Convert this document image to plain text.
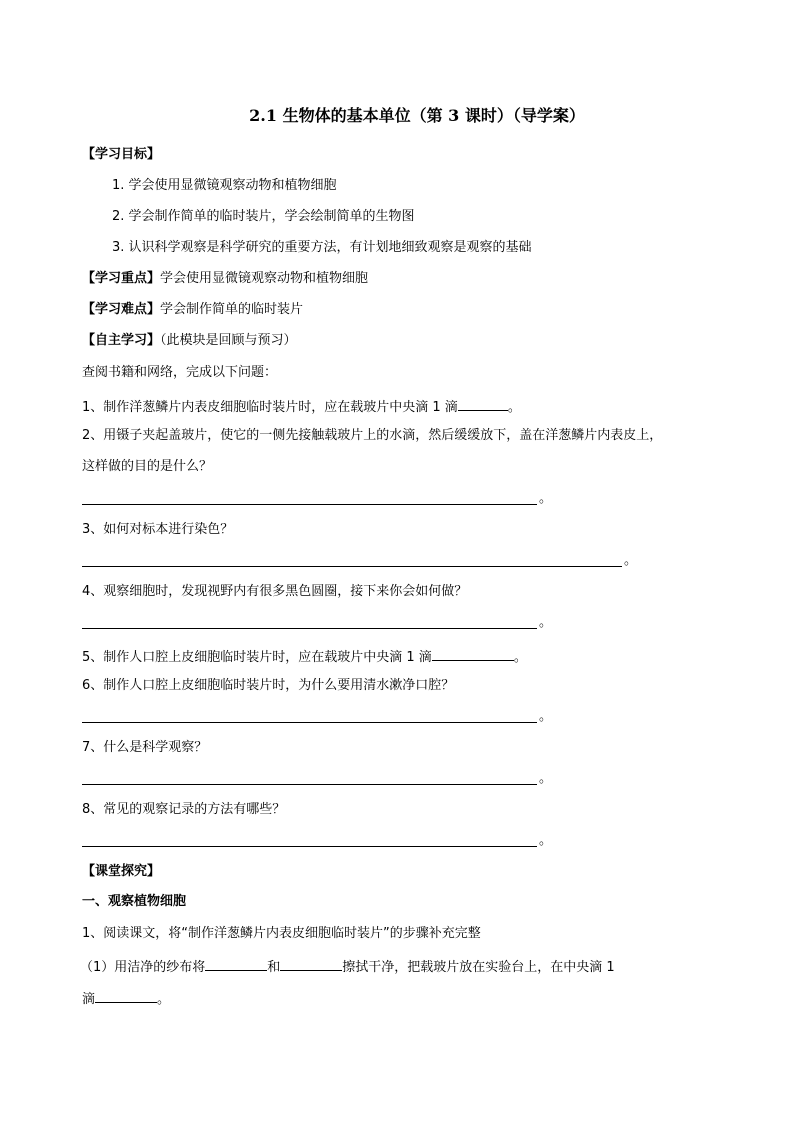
2.1 生物体的基本单位（第 3 课时）（导学案）
【学习目标】
1. 学会使用显微镜观察动物和植物细胞
2. 学会制作简单的临时装片，学会绘制简单的生物图
3. 认识科学观察是科学研究的重要方法，有计划地细致观察是观察的基础
【学习重点】学会使用显微镜观察动物和植物细胞
【学习难点】学会制作简单的临时装片
【自主学习】（此模块是回顾与预习）
查阅书籍和网络，完成以下问题：
1、制作洋葱鳞片内表皮细胞临时装片时，应在载玻片中央滴 1 滴	。
2、用镊子夹起盖玻片，使它的一侧先接触载玻片上的水滴，然后缓缓放下，盖在洋葱鳞片内表皮上，
这样做的目的是什么？
。
3、如何对标本进行染色？
。
4、观察细胞时，发现视野内有很多黑色圆圈，接下来你会如何做？
。
5、制作人口腔上皮细胞临时装片时，应在载玻片中央滴 1 滴	。
6、制作人口腔上皮细胞临时装片时，为什么要用清水漱净口腔？
。
7、什么是科学观察？
。
8、常见的观察记录的方法有哪些？
。
【课堂探究】
一、观察植物细胞
1、阅读课文，将“制作洋葱鳞片内表皮细胞临时装片”的步骤补充完整
（1）用洁净的纱布将	和	擦拭干净，把载玻片放在实验台上，在中央滴 1
滴	。
